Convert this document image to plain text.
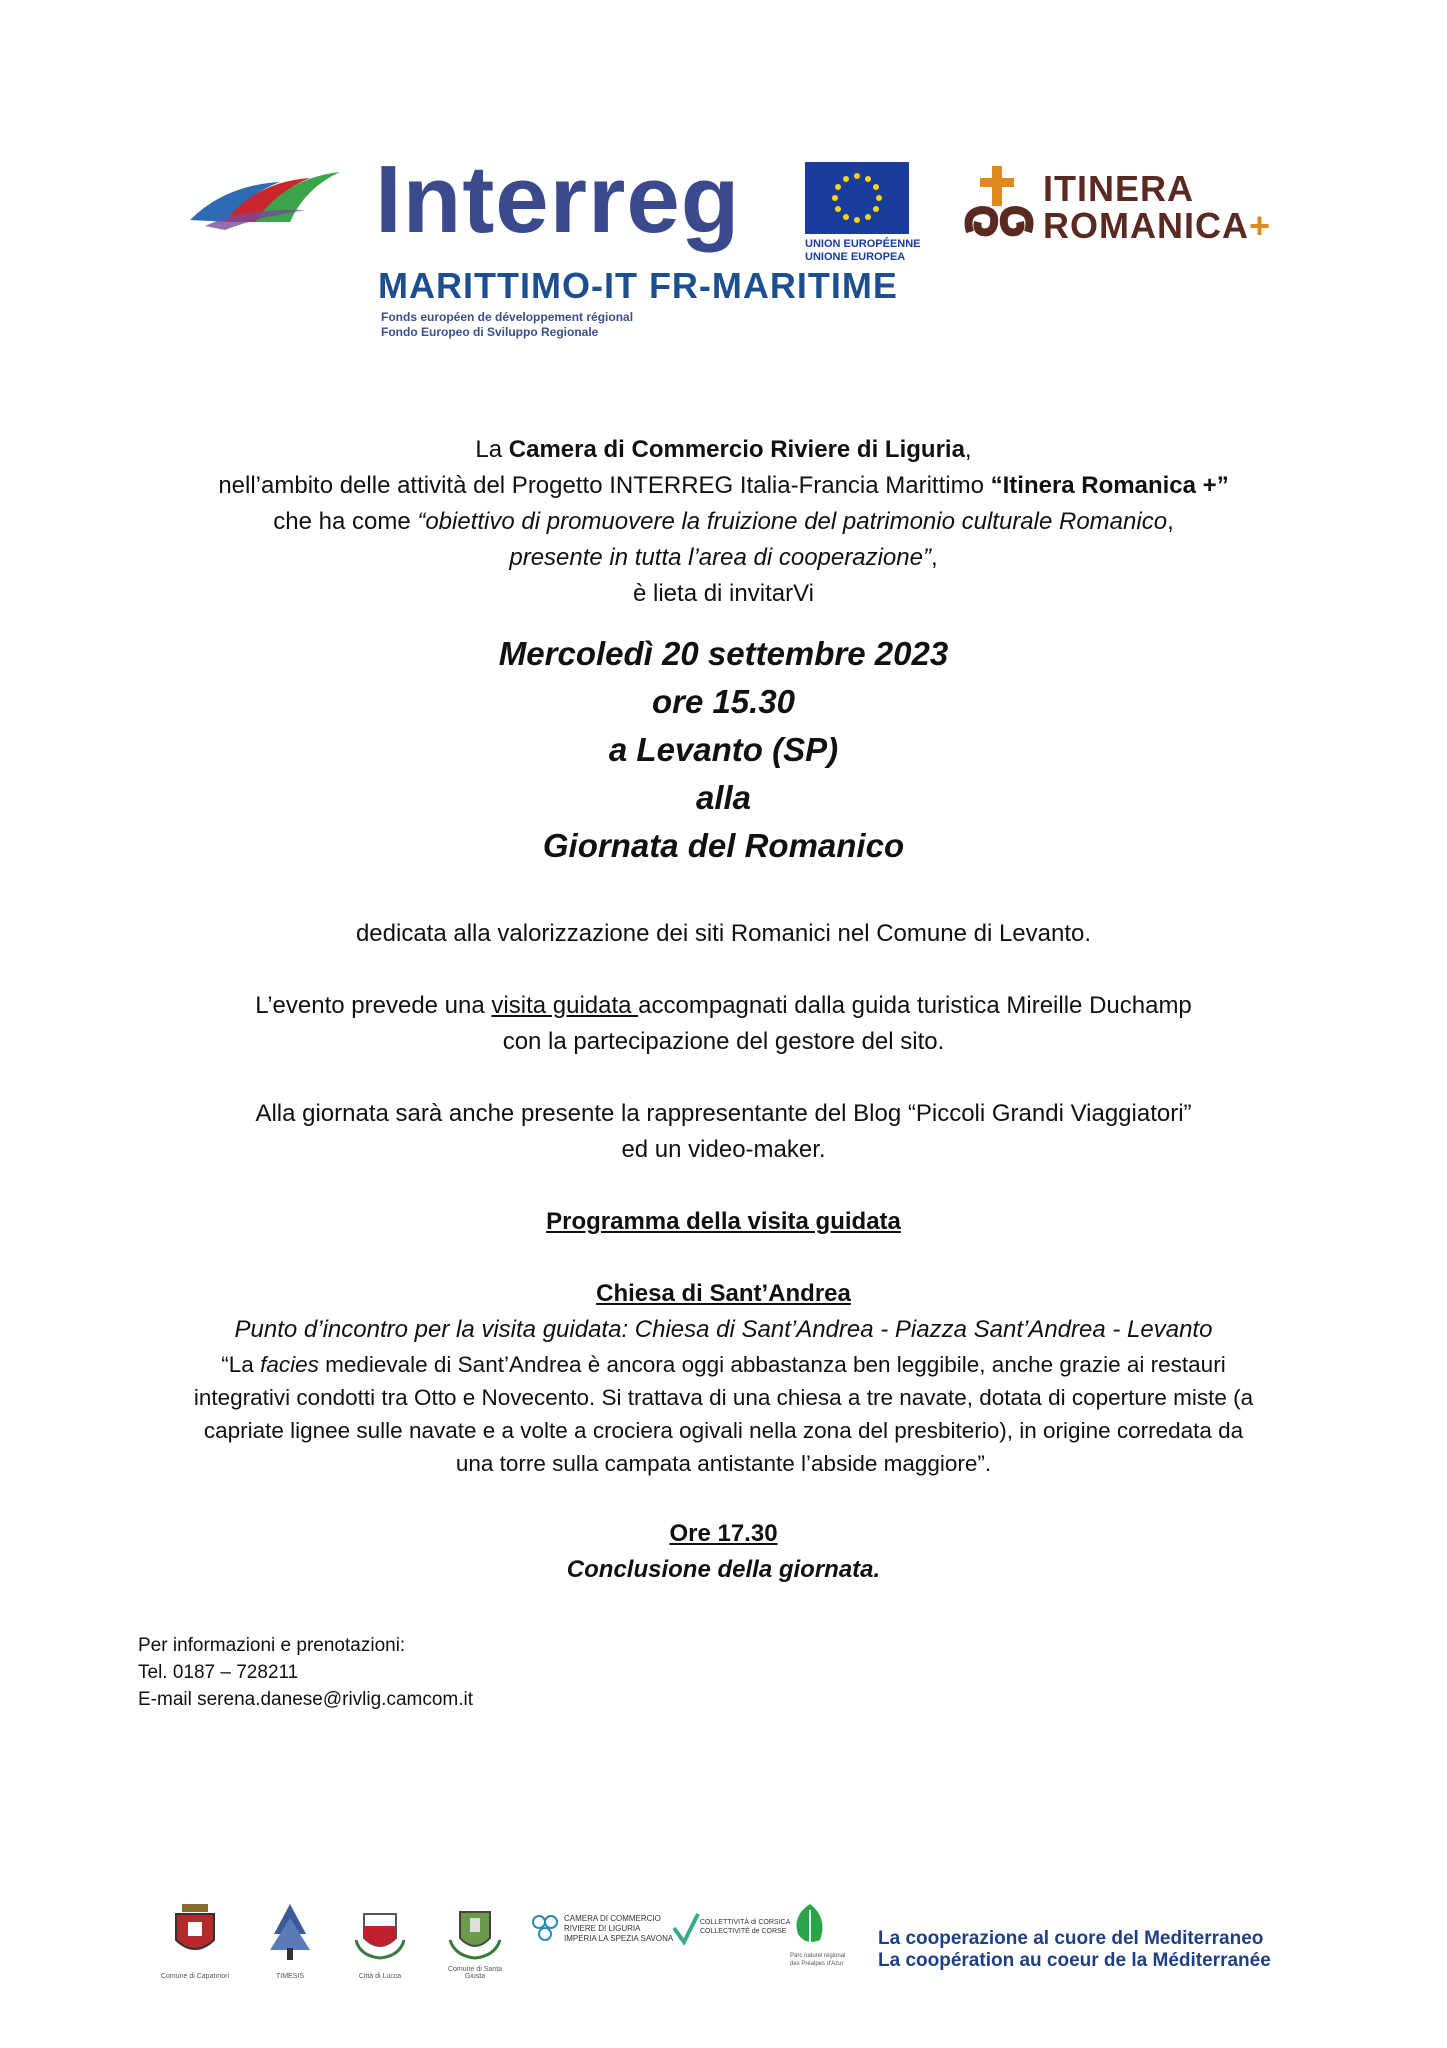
Interreg	UNION EUROPÉENNE
UNIONE EUROPEA
MARITTIMO-IT FR-MARITIME
Fonds européen de développement régional
Fondo Europeo di Sviluppo Regionale
ITINERA
ROMANICA+

La Camera di Commercio Riviere di Liguria,

nell’ambito delle attività del Progetto INTERREG Italia-Francia Marittimo “Itinera Romanica +”

che ha come “obiettivo di promuovere la fruizione del patrimonio culturale Romanico,

presente in tutta l’area di cooperazione”,

è lieta di invitarVi

Mercoledì 20 settembre 2023

ore 15.30

a Levanto (SP)

alla

Giornata del Romanico

dedicata alla valorizzazione dei siti Romanici nel Comune di Levanto.

L’evento prevede una visita guidata accompagnati dalla guida turistica Mireille Duchamp

con la partecipazione del gestore del sito.

Alla giornata sarà anche presente la rappresentante del Blog “Piccoli Grandi Viaggiatori”

ed un video-maker.

Programma della visita guidata

Chiesa di Sant’Andrea

Punto d’incontro per la visita guidata: Chiesa di Sant’Andrea - Piazza Sant’Andrea - Levanto

“La facies medievale di Sant’Andrea è ancora oggi abbastanza ben leggibile, anche grazie ai restauri

integrativi condotti tra Otto e Novecento. Si trattava di una chiesa a tre navate, dotata di coperture miste (a

capriate lignee sulle navate e a volte a crociera ogivali nella zona del presbiterio), in origine corredata da

una torre sulla campata antistante l’abside maggiore”.

Ore 17.30

Conclusione della giornata.

Per informazioni e prenotazioni:

Tel. 0187 – 728211

E-mail serena.danese@rivlig.camcom.it

Comune di Capannori	TIMESIS	Città di Lucca
Comune di Santa Giusta
CAMERA DI COMMERCIO
RIVIERE DI LIGURIA
IMPERIA LA SPEZIA SAVONA
COLLETTIVITÀ di CORSICA
COLLECTIVITÉ de CORSE
Parc naturel régional des Préalpes d'Azur

La cooperazione al cuore del Mediterraneo

La coopération au coeur de la Méditerranée
